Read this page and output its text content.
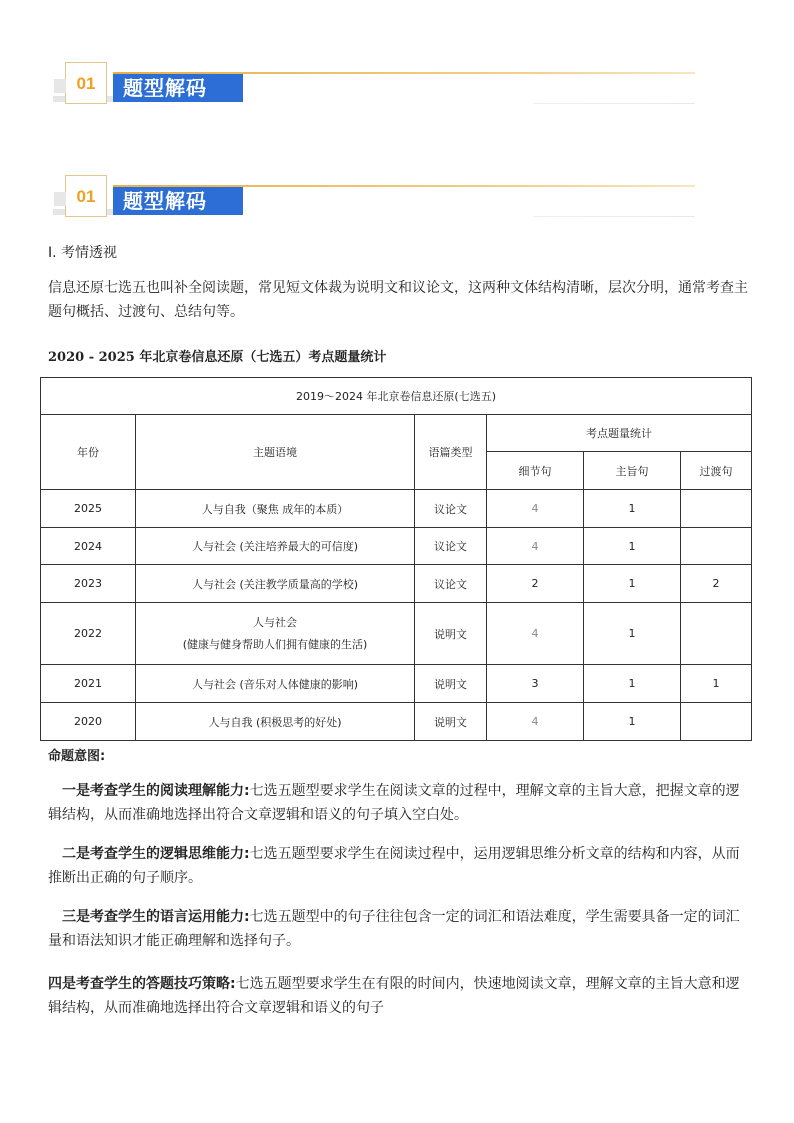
01	题型解码
01	题型解码
I. 考情透视
信息还原七选五也叫补全阅读题，常见短文体裁为说明文和议论文，这两种文体结构清晰，层次分明，通常考查主题句概括、过渡句、总结句等。
2020 - 2025 年北京卷信息还原（七选五）考点题量统计
2019～2024 年北京卷信息还原(七选五)					
年份	主题语境	语篇类型	考点题量统计		
			细节句	主旨句	过渡句
2025	人与自我（聚焦 成年的本质）	议论文	4	1	
2024	人与社会 (关注培养最大的可信度)	议论文	4	1	
2023	人与社会 (关注教学质量高的学校)	议论文	2	1	2
2022	人与社会
(健康与健身帮助人们拥有健康的生活)	说明文	4	1	
2021	人与社会 (音乐对人体健康的影响)	说明文	3	1	1
2020	人与自我 (积极思考的好处)	说明文	4	1	
命题意图:
一是考查学生的阅读理解能力:七选五题型要求学生在阅读文章的过程中，理解文章的主旨大意，把握文章的逻辑结构，从而准确地选择出符合文章逻辑和语义的句子填入空白处。
二是考查学生的逻辑思维能力:七选五题型要求学生在阅读过程中，运用逻辑思维分析文章的结构和内容，从而推断出正确的句子顺序。
三是考查学生的语言运用能力:七选五题型中的句子往往包含一定的词汇和语法难度，学生需要具备一定的词汇量和语法知识才能正确理解和选择句子。
四是考查学生的答题技巧策略:七选五题型要求学生在有限的时间内，快速地阅读文章，理解文章的主旨大意和逻辑结构，从而准确地选择出符合文章逻辑和语义的句子
